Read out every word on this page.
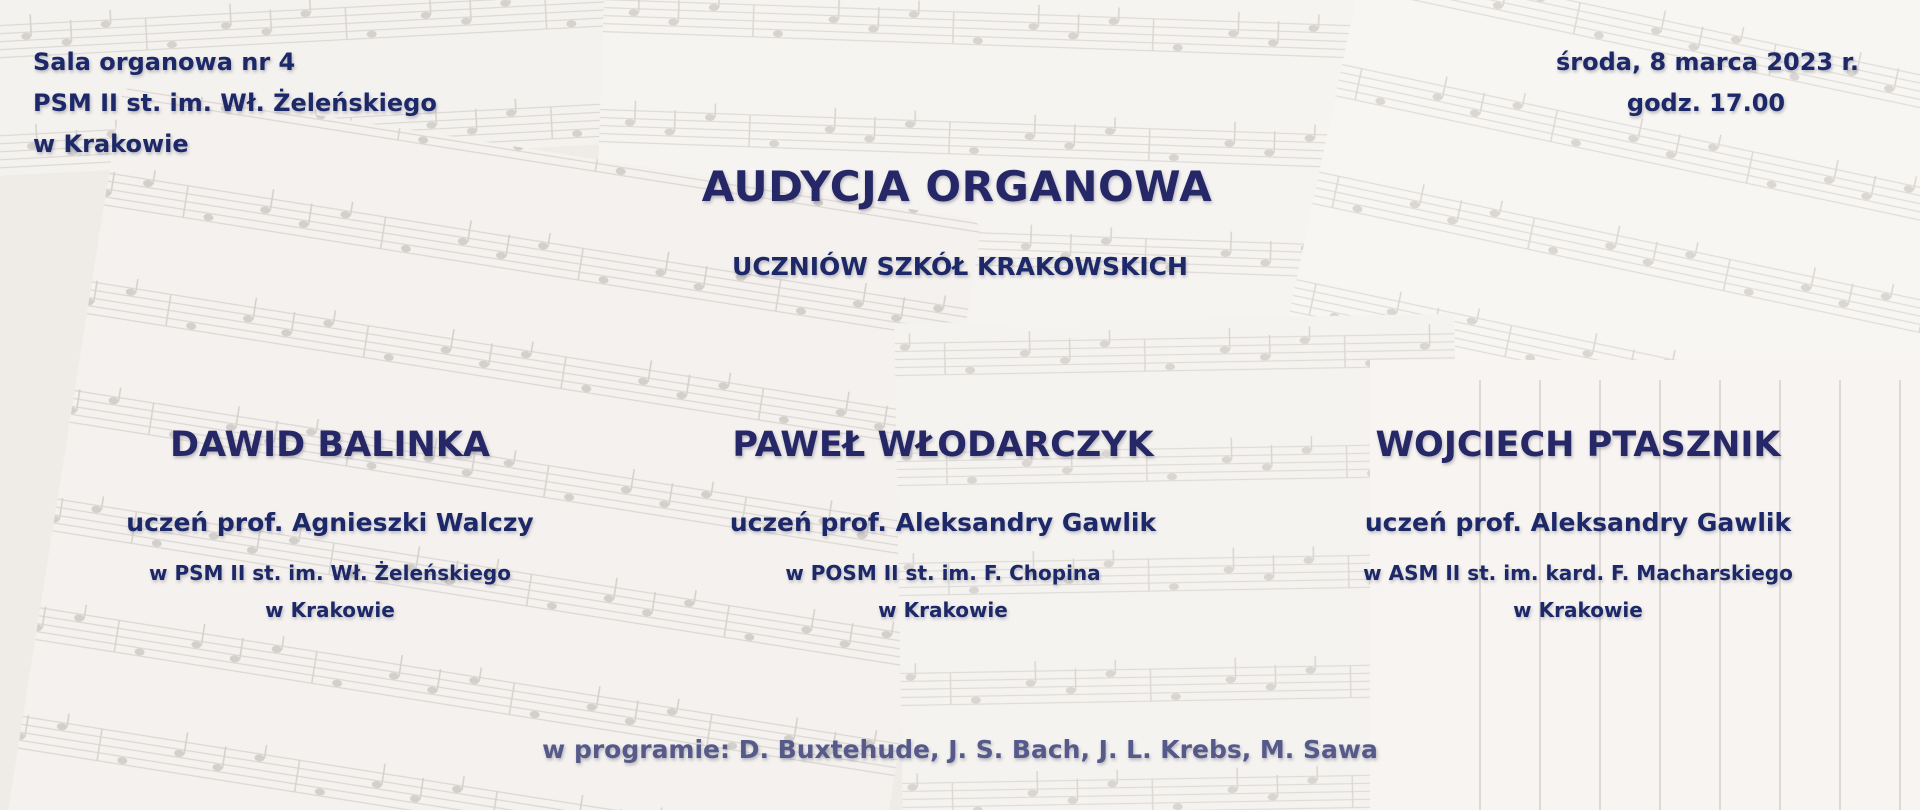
Sala organowa nr 4
PSM II st. im. Wł. Żeleńskiego
w Krakowie
środa, 8 marca 2023 r.
godz. 17.00
AUDYCJA ORGANOWA
UCZNIÓW SZKÓŁ KRAKOWSKICH
DAWID BALINKA
uczeń prof. Agnieszki Walczy
w PSM II st. im. Wł. Żeleńskiego
w Krakowie
PAWEŁ WŁODARCZYK
uczeń prof. Aleksandry Gawlik
w POSM II st. im. F. Chopina
w Krakowie
WOJCIECH PTASZNIK
uczeń prof. Aleksandry Gawlik
w ASM II st. im. kard. F. Macharskiego
w Krakowie
w programie: D. Buxtehude, J. S. Bach, J. L. Krebs, M. Sawa
